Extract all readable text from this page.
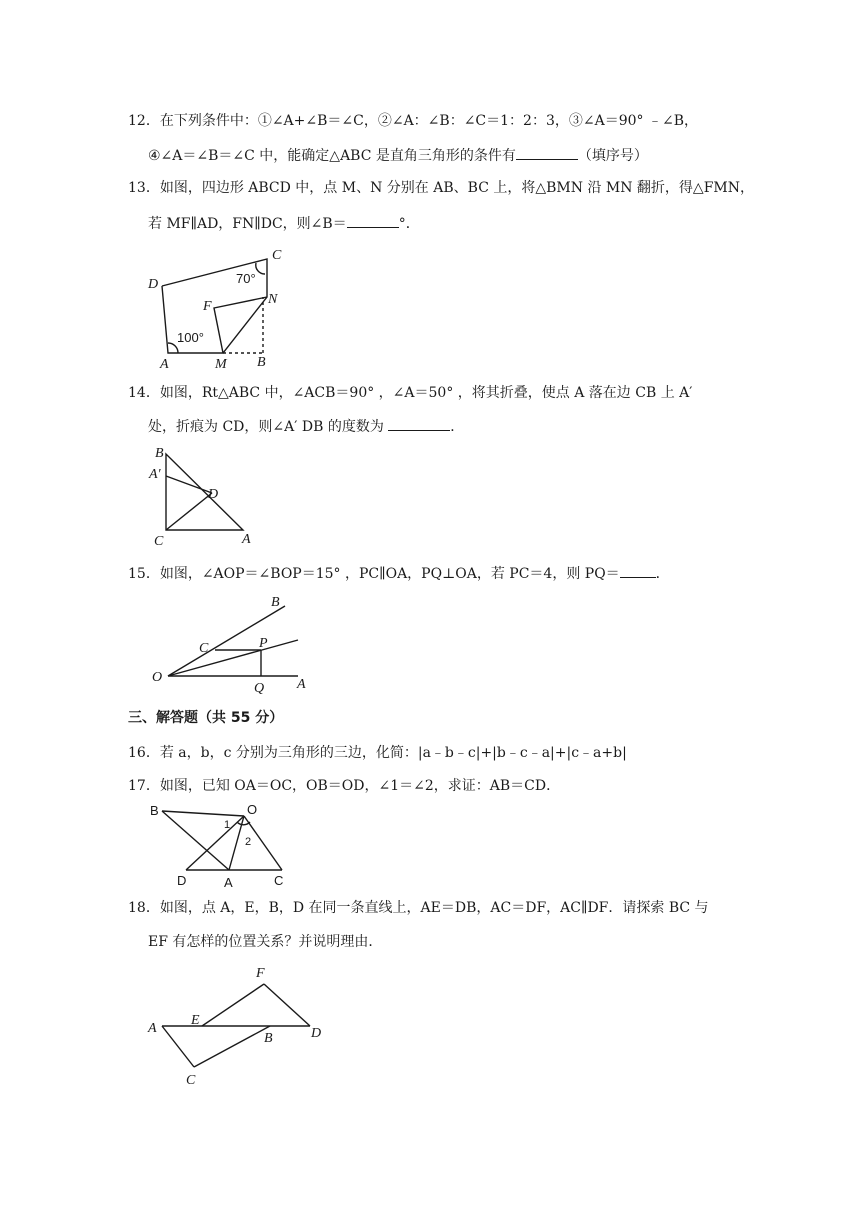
12．在下列条件中：①∠A+∠B＝∠C，②∠A：∠B：∠C＝1：2：3，③∠A＝90° ﹣∠B，
④∠A＝∠B＝∠C 中，能确定△ABC 是直角三角形的条件有	（填序号）
13．如图，四边形 ABCD 中，点 M、N 分别在 AB、BC 上，将△BMN 沿 MN 翻折，得△FMN，
若 MF∥AD，FN∥DC，则∠B＝	°．
D
C
70°
F	N
100°
A	M B
14．如图，Rt△ABC 中，∠ACB＝90° ，∠A＝50° ，将其折叠，使点 A 落在边 CB 上 A′
处，折痕为 CD，则∠A′ DB 的度数为	．
B
A′
D
C	A
15．如图，∠AOP＝∠BOP＝15° ，PC∥OA，PQ⊥OA，若 PC＝4，则 PQ＝	．
B
C	P
O
Q A
三、解答题（共 55 分）
16．若 a，b，c 分别为三角形的三边，化简：|a﹣b﹣c|+|b﹣c﹣a|+|c﹣a+b|
17．如图，已知 OA＝OC，OB＝OD，∠1＝∠2，求证：AB＝CD．
B	O
1
2
D	A	C
18．如图，点 A，E，B，D 在同一条直线上，AE＝DB，AC＝DF，AC∥DF．请探索 BC 与
EF 有怎样的位置关系？并说明理由．
F
A
E
B	D
C
